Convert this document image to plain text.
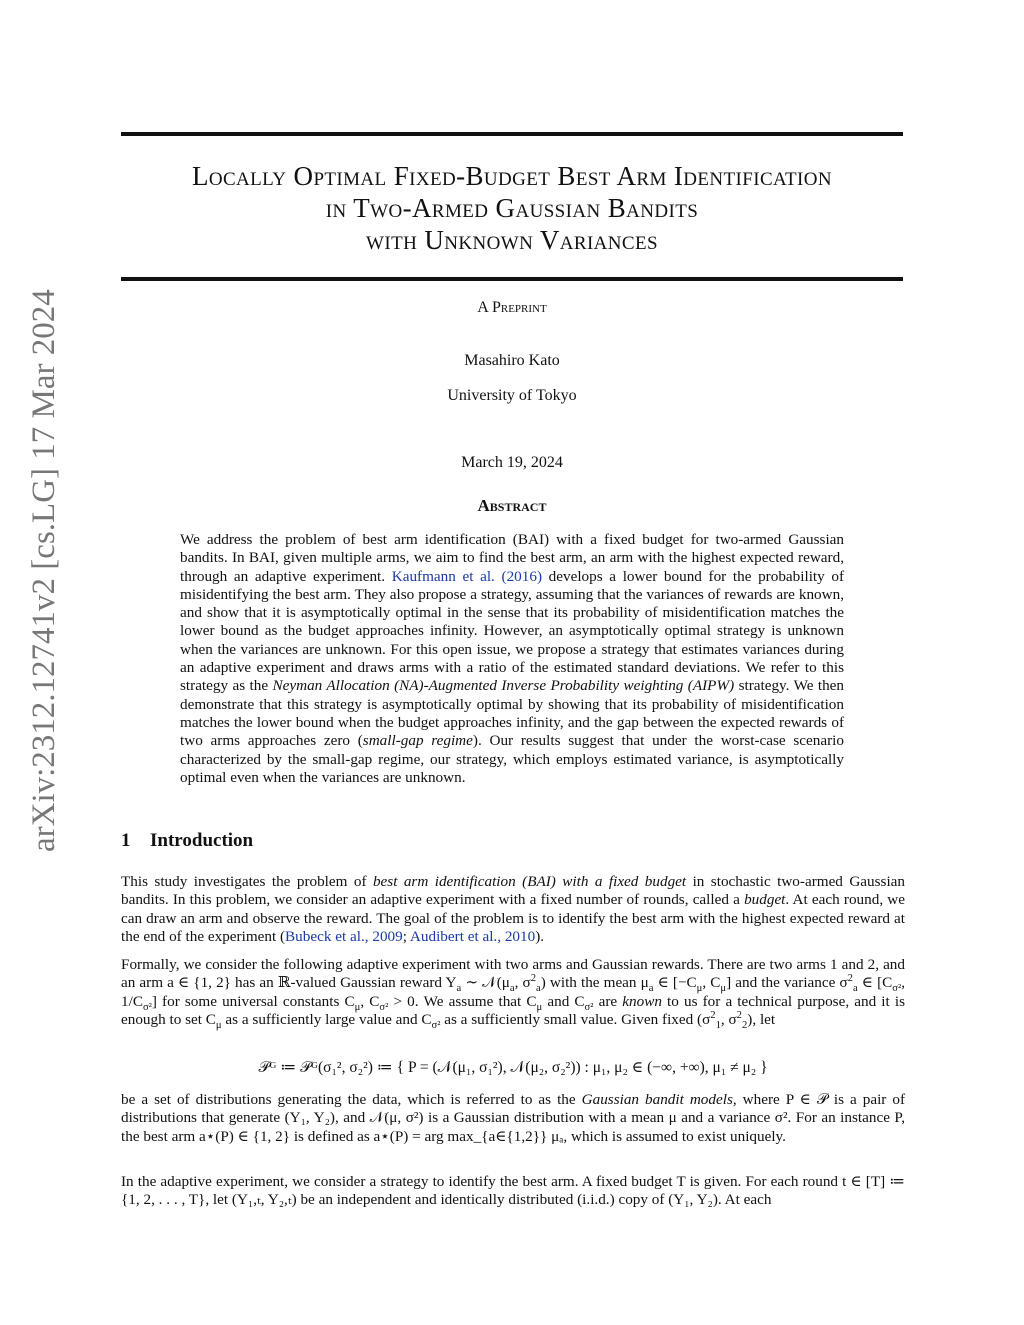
Locally Optimal Fixed-Budget Best Arm Identification
in Two-Armed Gaussian Bandits
with Unknown Variances
A Preprint
Masahiro Kato
University of Tokyo
March 19, 2024
arXiv:2312.12741v2 [cs.LG] 17 Mar 2024	Abstract

We address the problem of best arm identification (BAI) with a fixed budget for two-armed Gaussian bandits. In BAI, given multiple arms, we aim to find the best arm, an arm with the highest expected reward, through an adaptive experiment. Kaufmann et al. (2016) develops a lower bound for the probability of misidentifying the best arm. They also propose a strategy, assuming that the variances of rewards are known, and show that it is asymptotically optimal in the sense that its probability of misidentification matches the lower bound as the budget approaches infinity. However, an asymptotically optimal strategy is unknown when the variances are unknown. For this open issue, we propose a strategy that estimates variances during an adaptive experiment and draws arms with a ratio of the estimated standard deviations. We refer to this strategy as the Neyman Allocation (NA)-Augmented Inverse Probability weighting (AIPW) strategy. We then demonstrate that this strategy is asymptotically optimal by showing that its probability of misidentification matches the lower bound when the budget approaches infinity, and the gap between the expected rewards of two arms approaches zero (small-gap regime). Our results suggest that under the worst-case scenario characterized by the small-gap regime, our strategy, which employs estimated variance, is asymptotically optimal even when the variances are unknown.

1 Introduction

This study investigates the problem of best arm identification (BAI) with a fixed budget in stochastic two-armed Gaussian bandits. In this problem, we consider an adaptive experiment with a fixed number of rounds, called a budget. At each round, we can draw an arm and observe the reward. The goal of the problem is to identify the best arm with the highest expected reward at the end of the experiment (Bubeck et al., 2009; Audibert et al., 2010).

Formally, we consider the following adaptive experiment with two arms and Gaussian rewards. There are two arms 1 and 2, and an arm a ∈ {1, 2} has an ℝ-valued Gaussian reward $Y_a$ ∼ $𝒩(\mu_a$, $\sigma^2_a$) with the mean $\mu_a$ ∈ [$-C_\mu$, $C_\mu$] and the variance $\sigma^2_a$ ∈ [$C_{\sigma^2}$, $1/C_{\sigma^2}$] for some universal constants $C_\mu$, $C_{\sigma^2} > 0$. We assume that $C_\mu$ and $C_{\sigma^2}$ are known to us for a technical purpose, and it is enough to set $C_\mu$ as a sufficiently large value and $C_{\sigma^2}$ as a sufficiently small value. Given fixed ($\sigma^2_1$, $\sigma^2_2$), let

𝒫ᴳ ≔ 𝒫ᴳ(σ₁², σ₂²) ≔ { P = (𝒩(μ₁, σ₁²), 𝒩(μ₂, σ₂²)) : μ₁, μ₂ ∈ (−∞, +∞), μ₁ ≠ μ₂ }

be a set of distributions generating the data, which is referred to as the Gaussian bandit models, where P ∈ 𝒫 is a pair of distributions that generate (Y₁, Y₂), and 𝒩(μ, σ²) is a Gaussian distribution with a mean μ and a variance σ². For an instance P, the best arm a⋆(P) ∈ {1, 2} is defined as a⋆(P) = arg max_{a∈{1,2}} μₐ, which is assumed to exist uniquely.

In the adaptive experiment, we consider a strategy to identify the best arm. A fixed budget T is given. For each round t ∈ [T] ≔ {1, 2, . . . , T}, let (Y₁,ₜ, Y₂,ₜ) be an independent and identically distributed (i.i.d.) copy of (Y₁, Y₂). At each
